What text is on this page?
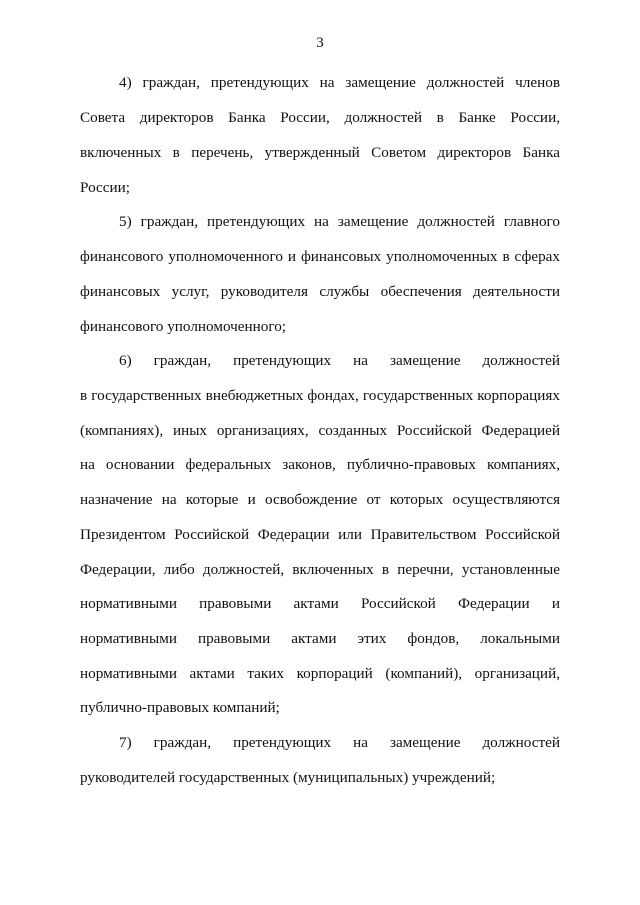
3
4) граждан, претендующих на замещение должностей членов
Совета директоров Банка России, должностей в Банке России,
включенных в перечень, утвержденный Советом директоров Банка
России;
5) граждан, претендующих на замещение должностей главного
финансового уполномоченного и финансовых уполномоченных в сферах
финансовых услуг, руководителя службы обеспечения деятельности
финансового уполномоченного;
6) граждан, претендующих на замещение должностей
в государственных внебюджетных фондах, государственных корпорациях
(компаниях), иных организациях, созданных Российской Федерацией
на основании федеральных законов, публично-правовых компаниях,
назначение на которые и освобождение от которых осуществляются
Президентом Российской Федерации или Правительством Российской
Федерации, либо должностей, включенных в перечни, установленные
нормативными правовыми актами Российской Федерации и
нормативными правовыми актами этих фондов, локальными
нормативными актами таких корпораций (компаний), организаций,
публично-правовых компаний;
7) граждан, претендующих на замещение должностей
руководителей государственных (муниципальных) учреждений;
